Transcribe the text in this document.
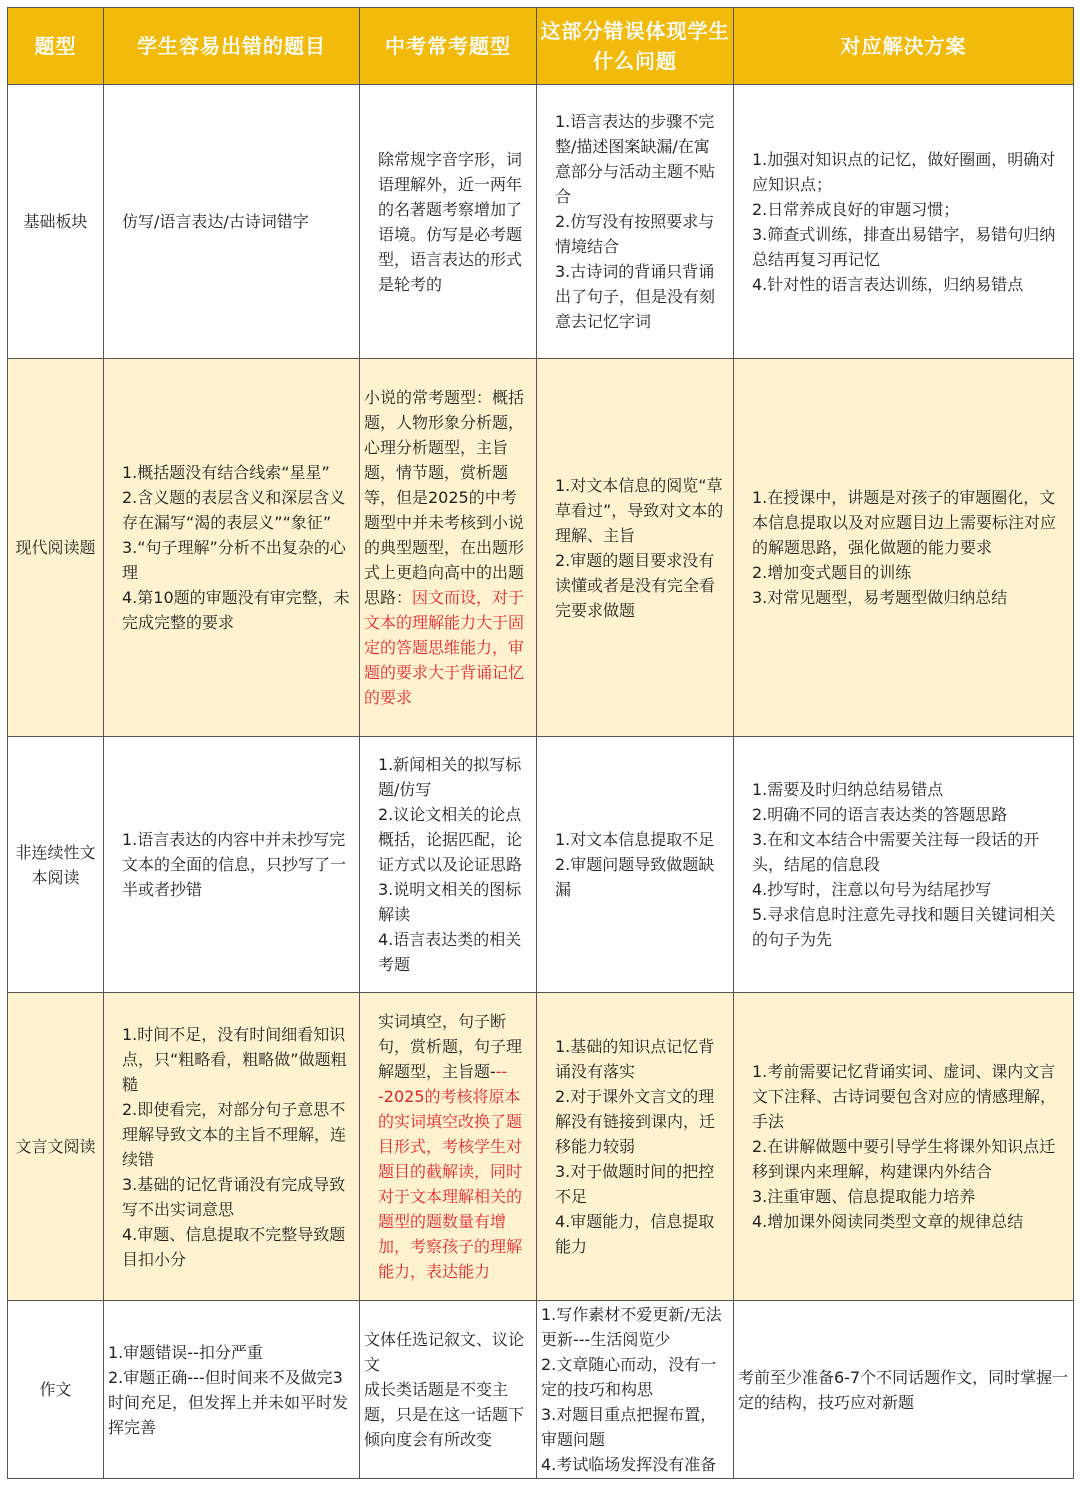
题型	学生容易出错的题目	中考常考题型	这部分错误体现学生什么问题	对应解决方案

基础板块	仿写/语言表达/古诗词错字	除常规字音字形，词语理解外，近一两年的名著题考察增加了语境。仿写是必考题型，语言表达的形式是轮考的	1.语言表达的步骤不完整/描述图案缺漏/在寓意部分与活动主题不贴合
2.仿写没有按照要求与情境结合
3.古诗词的背诵只背诵出了句子，但是没有刻意去记忆字词	1.加强对知识点的记忆，做好圈画，明确对应知识点；
2.日常养成良好的审题习惯；
3.筛查式训练，排查出易错字，易错句归纳总结再复习再记忆
4.针对性的语言表达训练，归纳易错点

现代阅读题	1.概括题没有结合线索“星星”
2.含义题的表层含义和深层含义存在漏写“渴的表层义”“象征”
3.“句子理解”分析不出复杂的心理
4.第10题的审题没有审完整，未完成完整的要求	小说的常考题型：概括题，人物形象分析题，心理分析题型，主旨题，情节题，赏析题等，但是2025的中考题型中并未考核到小说的典型题型，在出题形式上更趋向高中的出题思路：因文而设，对于文本的理解能力大于固定的答题思维能力，审题的要求大于背诵记忆的要求	1.对文本信息的阅览“草草看过”，导致对文本的理解、主旨
2.审题的题目要求没有读懂或者是没有完全看完要求做题	1.在授课中，讲题是对孩子的审题圈化，文本信息提取以及对应题目边上需要标注对应的解题思路，强化做题的能力要求
2.增加变式题目的训练
3.对常见题型，易考题型做归纳总结

非连续性文本阅读	1.语言表达的内容中并未抄写完文本的全面的信息，只抄写了一半或者抄错	1.新闻相关的拟写标题/仿写
2.议论文相关的论点概括，论据匹配，论证方式以及论证思路
3.说明文相关的图标解读
4.语言表达类的相关考题	1.对文本信息提取不足
2.审题问题导致做题缺漏	1.需要及时归纳总结易错点
2.明确不同的语言表达类的答题思路
3.在和文本结合中需要关注每一段话的开头，结尾的信息段
4.抄写时，注意以句号为结尾抄写
5.寻求信息时注意先寻找和题目关键词相关的句子为先

文言文阅读	1.时间不足，没有时间细看知识点，只“粗略看，粗略做”做题粗糙
2.即使看完，对部分句子意思不理解导致文本的主旨不理解，连续错
3.基础的记忆背诵没有完成导致写不出实词意思
4.审题、信息提取不完整导致题目扣小分	实词填空，句子断句，赏析题，句子理解题型，主旨题----2025的考核将原本的实词填空改换了题目形式，考核学生对题目的截解读，同时对于文本理解相关的题型的题数量有增加，考察孩子的理解能力，表达能力	1.基础的知识点记忆背诵没有落实
2.对于课外文言文的理解没有链接到课内，迁移能力较弱
3.对于做题时间的把控不足
4.审题能力，信息提取能力	1.考前需要记忆背诵实词、虚词、课内文言文下注释、古诗词要包含对应的情感理解，手法
2.在讲解做题中要引导学生将课外知识点迁移到课内来理解，构建课内外结合
3.注重审题、信息提取能力培养
4.增加课外阅读同类型文章的规律总结

作文	1.审题错误--扣分严重
2.审题正确---但时间来不及做完3时间充足，但发挥上并未如平时发挥完善	文体任选记叙文、议论文
成长类话题是不变主题，只是在这一话题下倾向度会有所改变	1.写作素材不爱更新/无法更新---生活阅览少
2.文章随心而动，没有一定的技巧和构思
3.对题目重点把握布置，审题问题
4.考试临场发挥没有准备	考前至少准备6-7个不同话题作文，同时掌握一定的结构，技巧应对新题
